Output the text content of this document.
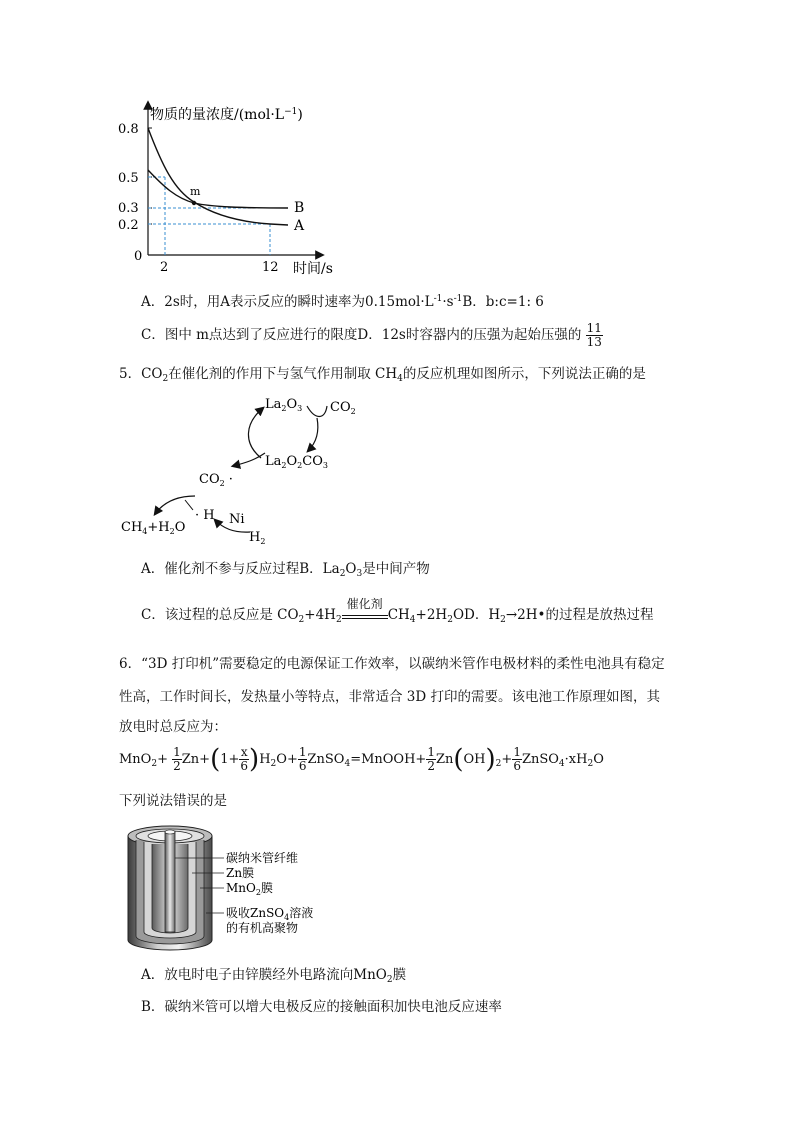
物质的量浓度$/(mol\cdot L^{-1})$
0.8
0.5
0.3
0.2
0
2	12 时间/s
B
A
m
A．2s时，用A表示反应的瞬时速率为$0.15mol\cdot L^{-1}\cdot s^{-1}B$．b:c=1: 6
C．图中 m点达到了反应进行的限度D．12s时容器内的压强为起始压强的 $\frac{11}{13}$
5．$CO_2$在催化剂的作用下与氢气作用制取 $CH_4$的反应机理如图所示，下列说法正确的是
$La_2O_3$ $CO_2$
$La_2O_2CO_3$
$CO_2$ ·
· H
$CH_4+H_2O$
Ni
$H_2$
A．催化剂不参与反应过程B．$La_2O_3$是中间产物
C．该过程的总反应是 $CO_2+4H_2$
催化剂
$CH_4+2H_2OD$．$H_2\to 2H•$的过程是放热过程
6．“3D 打印机”需要稳定的电源保证工作效率，以碳纳米管作电极材料的柔性电池具有稳定
性高，工作时间长，发热量小等特点，非常适合 3D 打印的需要。该电池工作原理如图，其
放电时总反应为：
$MnO_2+ \frac{1}{2} Zn+(1+ \frac{x}{6} )H_2O+ \frac{1}{6}$ ZnSO$_4$=MnOOH+ $\frac{1}{2} Zn(OH)_2+ \frac{1}{6}$ $ZnSO_4\cdot xH_2O$
下列说法错误的是
碳纳米管纤维
Zn膜
MnO$_2$膜
吸收ZnSO$_4$溶液
的有机高聚物
A．放电时电子由锌膜经外电路流向MnO$_2$膜
B．碳纳米管可以增大电极反应的接触面积加快电池反应速率
